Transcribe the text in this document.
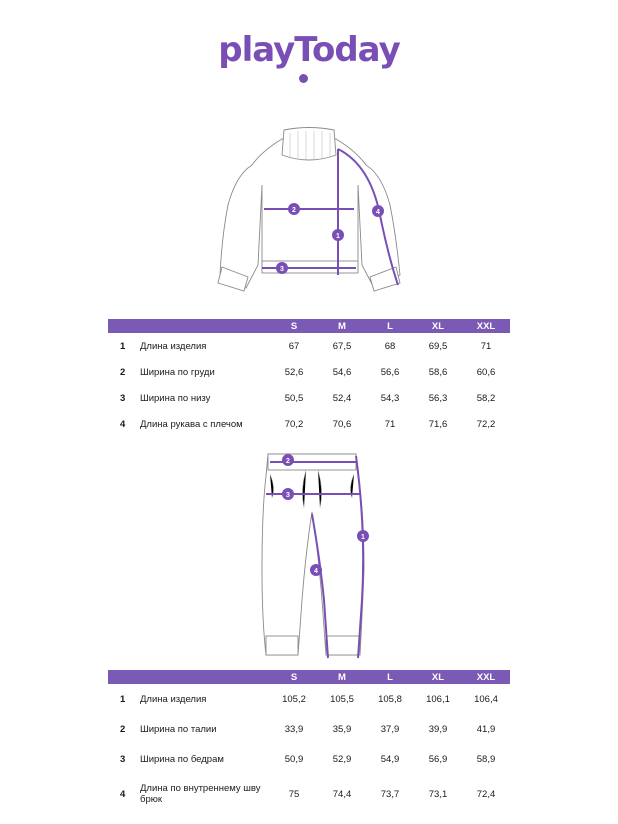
playToday
1
2
3
4
		S	M	L	XL	XXL
1	Длина изделия	67	67,5	68	69,5	71
2	Ширина по груди	52,6	54,6	56,6	58,6	60,6
3	Ширина по низу	50,5	52,4	54,3	56,3	58,2
4	Длина рукава с плечом	70,2	70,6	71	71,6	72,2
2
3
1
4
		S	M	L	XL	XXL
1	Длина изделия	105,2	105,5	105,8	106,1	106,4
2	Ширина по талии	33,9	35,9	37,9	39,9	41,9
3	Ширина по бедрам	50,9	52,9	54,9	56,9	58,9
4	Длина по внутреннему шву брюк	75	74,4	73,7	73,1	72,4
